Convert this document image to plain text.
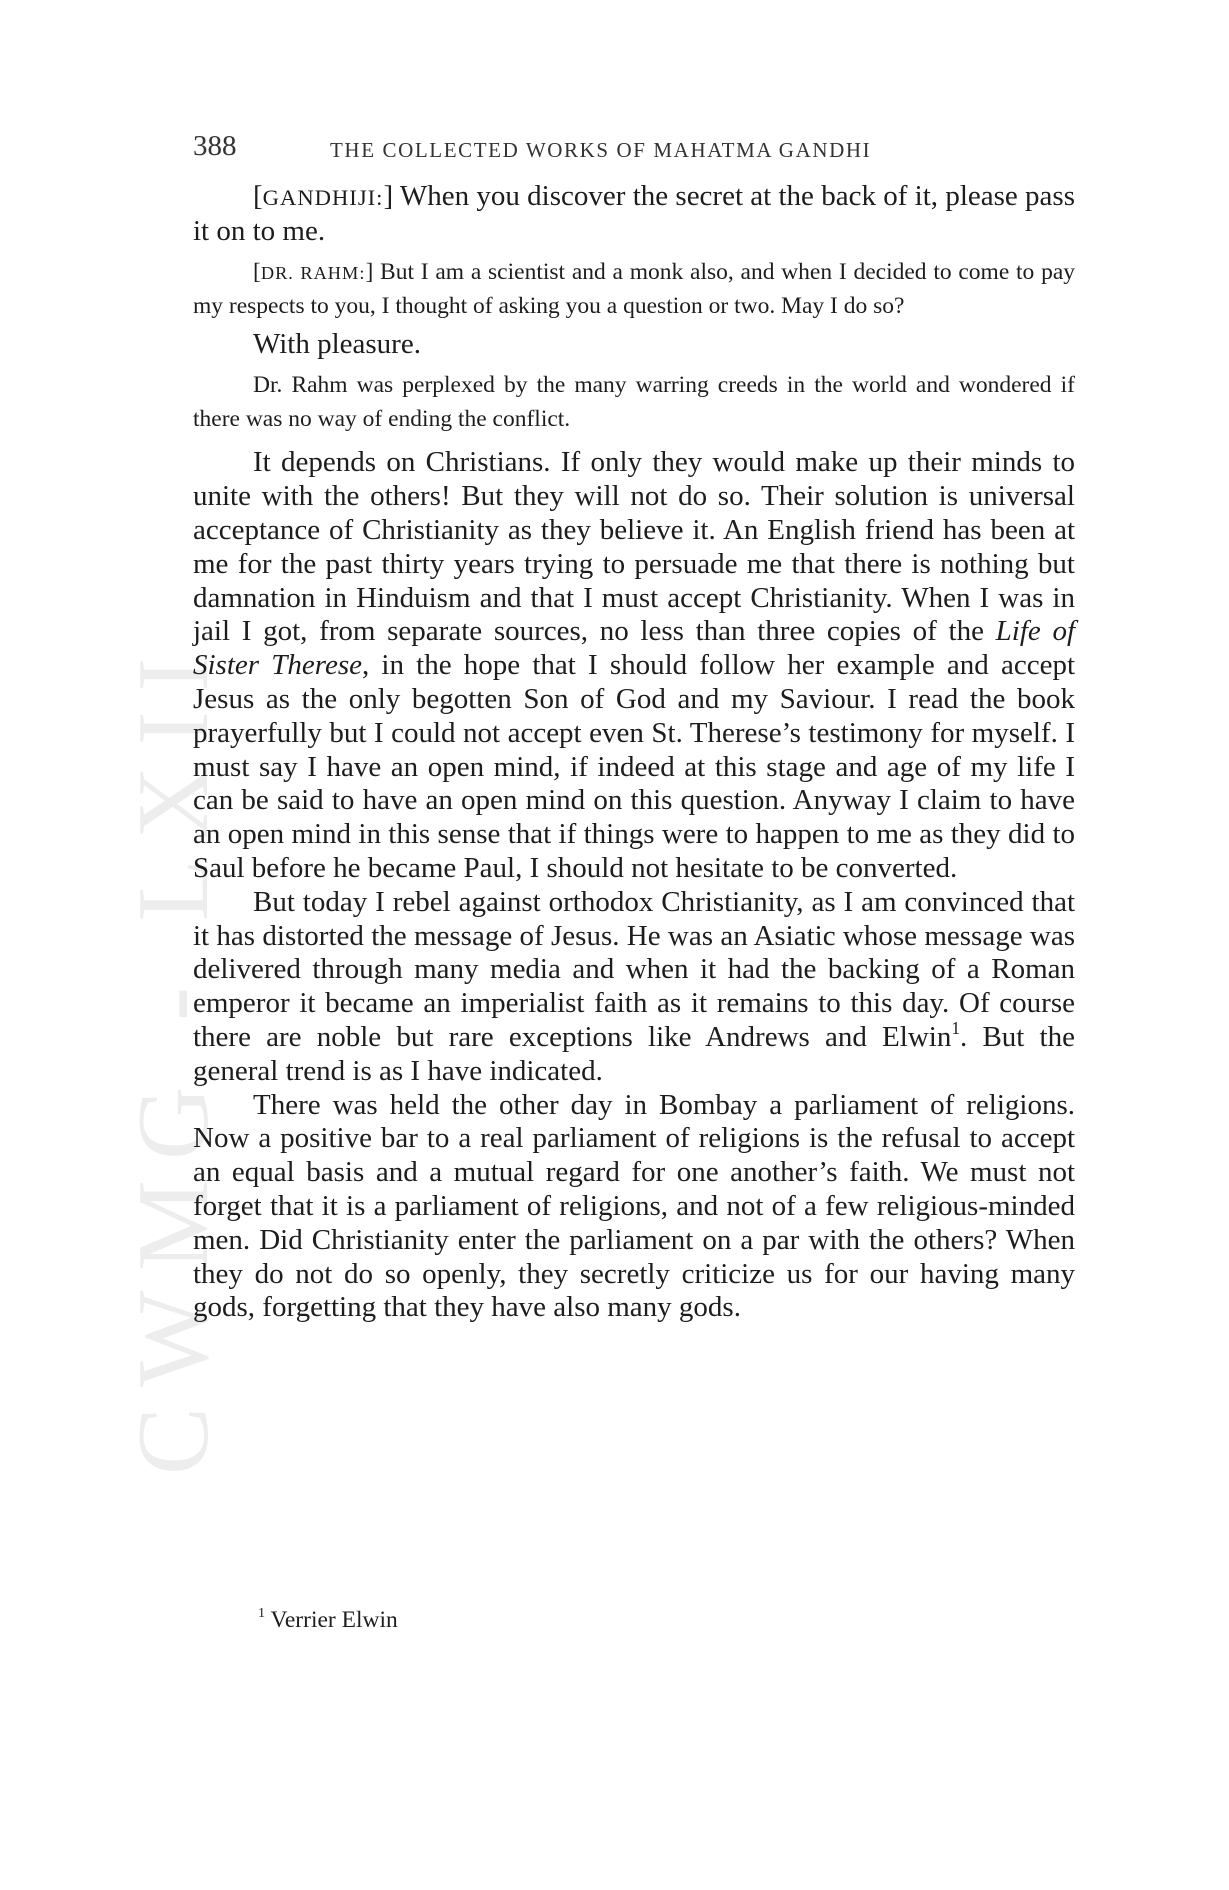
CWMG - LXII
388	THE COLLECTED WORKS OF MAHATMA GANDHI

[GANDHIJI:] When you discover the secret at the back of it, please pass it on to me.

[DR. RAHM:] But I am a scientist and a monk also, and when I decided to come to pay my respects to you, I thought of asking you a question or two. May I do so?

With pleasure.

Dr. Rahm was perplexed by the many warring creeds in the world and wondered if there was no way of ending the conflict.

It depends on Christians. If only they would make up their minds to unite with the others! But they will not do so. Their solution is universal acceptance of Christianity as they believe it. An English friend has been at me for the past thirty years trying to persuade me that there is nothing but damnation in Hinduism and that I must accept Christianity. When I was in jail I got, from separate sources, no less than three copies of the Life of Sister Therese, in the hope that I should follow her example and accept Jesus as the only begotten Son of God and my Saviour. I read the book prayerfully but I could not accept even St. Therese’s testimony for myself. I must say I have an open mind, if indeed at this stage and age of my life I can be said to have an open mind on this question. Anyway I claim to have an open mind in this sense that if things were to happen to me as they did to Saul before he became Paul, I should not hesitate to be converted.

But today I rebel against orthodox Christianity, as I am convinced that it has distorted the message of Jesus. He was an Asiatic whose message was delivered through many media and when it had the backing of a Roman emperor it became an imperialist faith as it remains to this day. Of course there are noble but rare exceptions like Andrews and Elwin$^1$. But the general trend is as I have indicated.

There was held the other day in Bombay a parliament of religions. Now a positive bar to a real parliament of religions is the refusal to accept an equal basis and a mutual regard for one another’s faith. We must not forget that it is a parliament of religions, and not of a few religious-minded men. Did Christianity enter the parliament on a par with the others? When they do not do so openly, they secretly criticize us for our having many gods, forgetting that they have also many gods.

$^1$ Verrier Elwin
